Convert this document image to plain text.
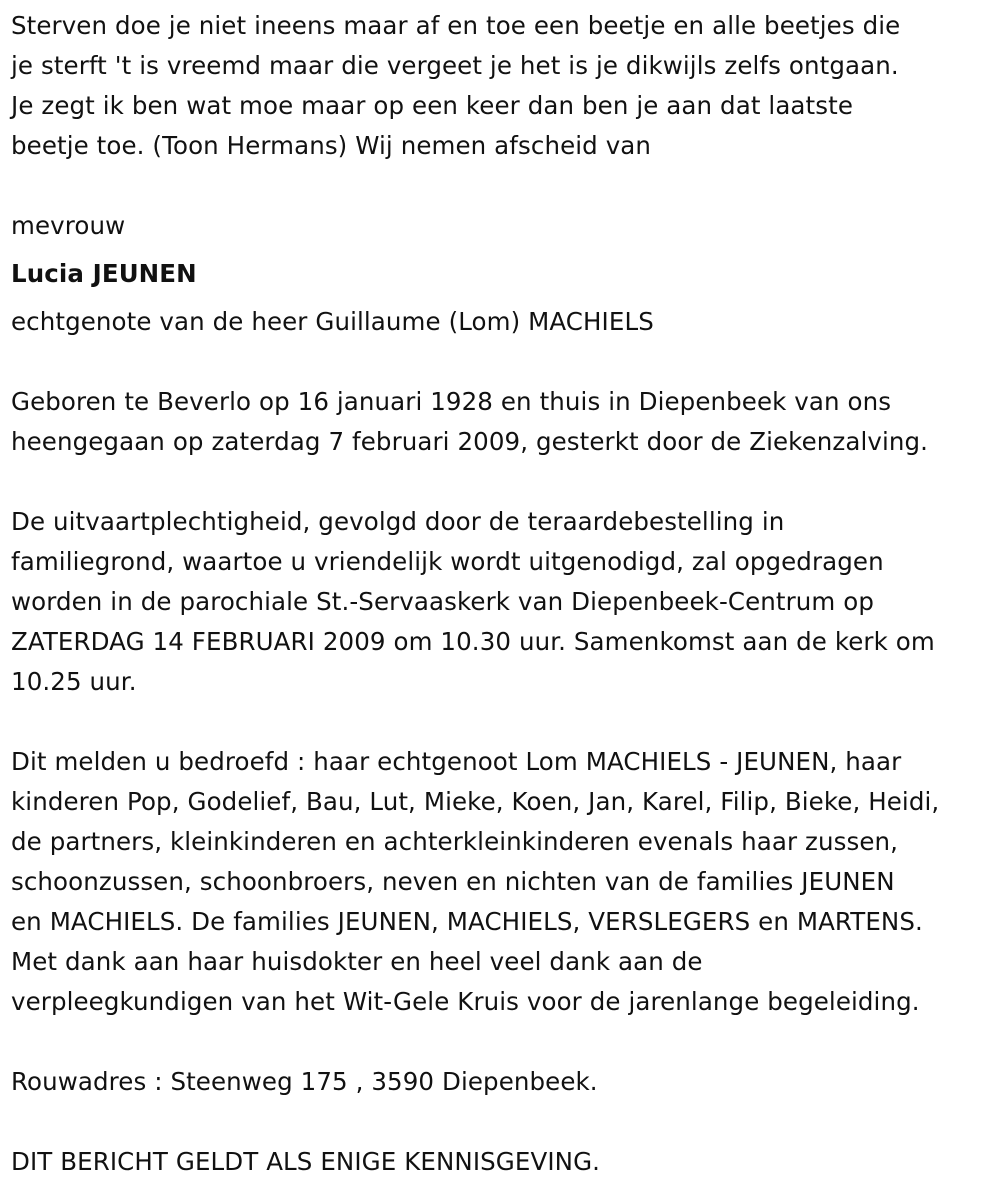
Sterven doe je niet ineens maar af en toe een beetje en alle beetjes die
je sterft 't is vreemd maar die vergeet je het is je dikwijls zelfs ontgaan.
Je zegt ik ben wat moe maar op een keer dan ben je aan dat laatste
beetje toe. (Toon Hermans) Wij nemen afscheid van

mevrouw
Lucia JEUNEN
echtgenote van de heer Guillaume (Lom) MACHIELS

Geboren te Beverlo op 16 januari 1928 en thuis in Diepenbeek van ons
heengegaan op zaterdag 7 februari 2009, gesterkt door de Ziekenzalving.

De uitvaartplechtigheid, gevolgd door de teraardebestelling in
familiegrond, waartoe u vriendelijk wordt uitgenodigd, zal opgedragen
worden in de parochiale St.-Servaaskerk van Diepenbeek-Centrum op
ZATERDAG 14 FEBRUARI 2009 om 10.30 uur. Samenkomst aan de kerk om
10.25 uur.

Dit melden u bedroefd : haar echtgenoot Lom MACHIELS - JEUNEN, haar
kinderen Pop, Godelief, Bau, Lut, Mieke, Koen, Jan, Karel, Filip, Bieke, Heidi,
de partners, kleinkinderen en achterkleinkinderen evenals haar zussen,
schoonzussen, schoonbroers, neven en nichten van de families JEUNEN
en MACHIELS. De families JEUNEN, MACHIELS, VERSLEGERS en MARTENS.
Met dank aan haar huisdokter en heel veel dank aan de
verpleegkundigen van het Wit-Gele Kruis voor de jarenlange begeleiding.

Rouwadres : Steenweg 175 , 3590 Diepenbeek.

DIT BERICHT GELDT ALS ENIGE KENNISGEVING.
